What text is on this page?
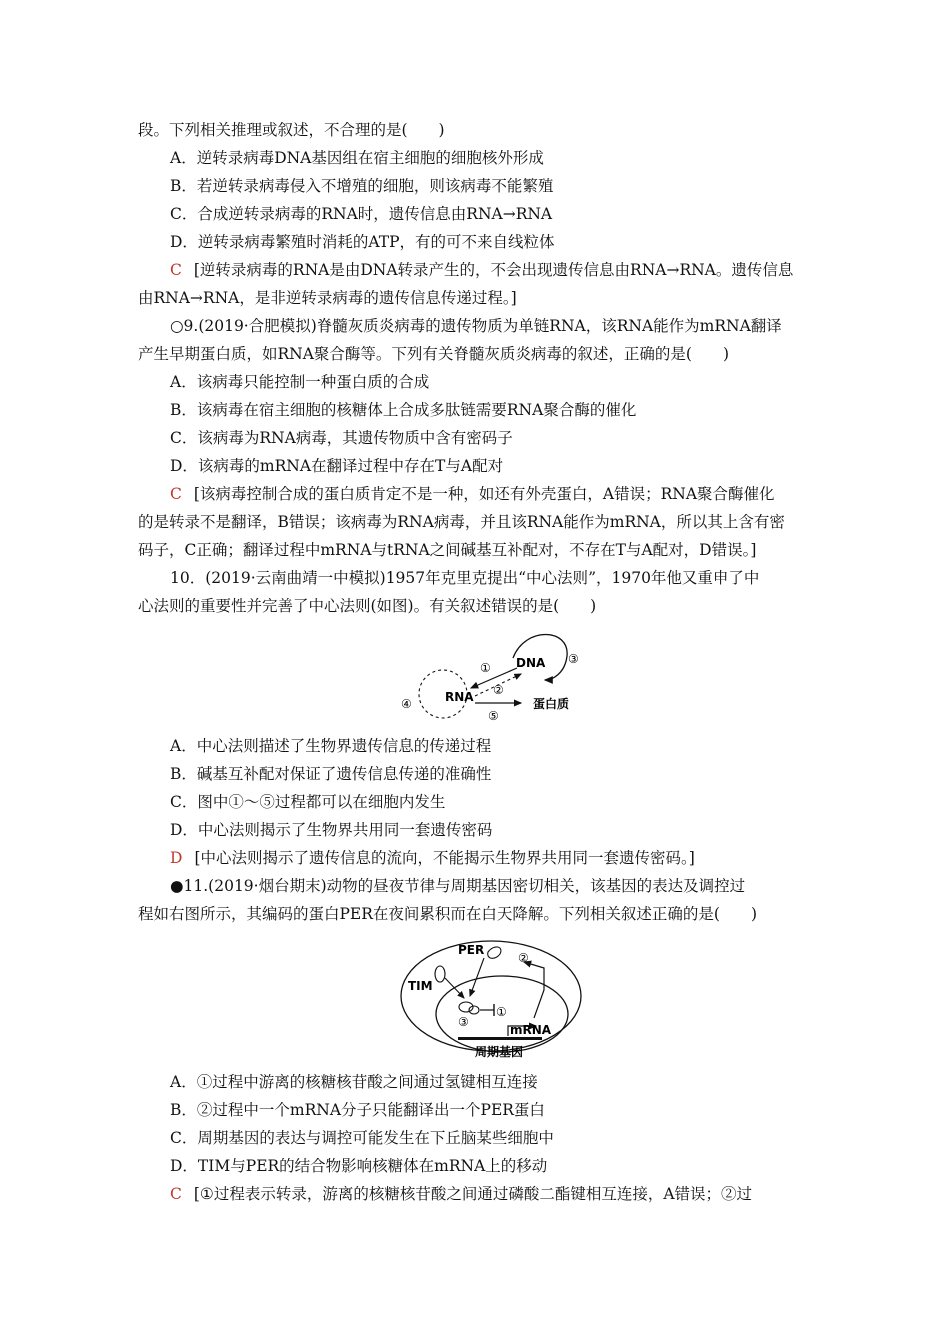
段。下列相关推理或叙述，不合理的是(　　)
A．逆转录病毒DNA基因组在宿主细胞的细胞核外形成
B．若逆转录病毒侵入不增殖的细胞，则该病毒不能繁殖
C．合成逆转录病毒的RNA时，遗传信息由RNA→RNA
D．逆转录病毒繁殖时消耗的ATP，有的可不来自线粒体
C [逆转录病毒的RNA是由DNA转录产生的，不会出现遗传信息由RNA→RNA。遗传信息
由RNA→RNA，是非逆转录病毒的遗传信息传递过程。]
○9.(2019·合肥模拟)脊髓灰质炎病毒的遗传物质为单链RNA，该RNA能作为mRNA翻译
产生早期蛋白质，如RNA聚合酶等。下列有关脊髓灰质炎病毒的叙述，正确的是(　　)
A．该病毒只能控制一种蛋白质的合成
B．该病毒在宿主细胞的核糖体上合成多肽链需要RNA聚合酶的催化
C．该病毒为RNA病毒，其遗传物质中含有密码子
D．该病毒的mRNA在翻译过程中存在T与A配对
C [该病毒控制合成的蛋白质肯定不是一种，如还有外壳蛋白，A错误；RNA聚合酶催化
的是转录不是翻译，B错误；该病毒为RNA病毒，并且该RNA能作为mRNA，所以其上含有密
码子，C正确；翻译过程中mRNA与tRNA之间碱基互补配对，不存在T与A配对，D错误。]
10．(2019·云南曲靖一中模拟)1957年克里克提出“中心法则”，1970年他又重申了中
心法则的重要性并完善了中心法则(如图)。有关叙述错误的是(　　)
DNA
RNA	蛋白质
①
②
③
④
⑤
A．中心法则描述了生物界遗传信息的传递过程
B．碱基互补配对保证了遗传信息传递的准确性
C．图中①～⑤过程都可以在细胞内发生
D．中心法则揭示了生物界共用同一套遗传密码
D [中心法则揭示了遗传信息的流向，不能揭示生物界共用同一套遗传密码。]
●11.(2019·烟台期末)动物的昼夜节律与周期基因密切相关，该基因的表达及调控过
程如右图所示，其编码的蛋白PER在夜间累积而在白天降解。下列相关叙述正确的是(　　)
PER
TIM
mRNA
周期基因
①
②
③
A．①过程中游离的核糖核苷酸之间通过氢键相互连接
B．②过程中一个mRNA分子只能翻译出一个PER蛋白
C．周期基因的表达与调控可能发生在下丘脑某些细胞中
D．TIM与PER的结合物影响核糖体在mRNA上的移动
C [①过程表示转录，游离的核糖核苷酸之间通过磷酸二酯键相互连接，A错误；②过
